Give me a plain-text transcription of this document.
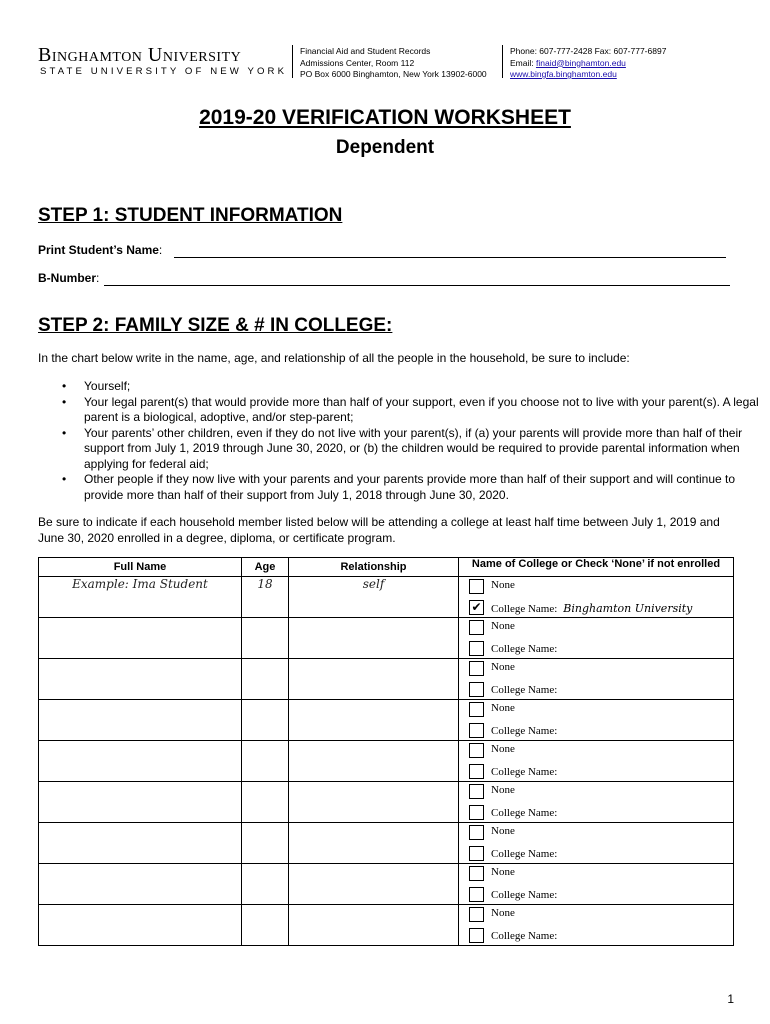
Binghamton University
STATE UNIVERSITY OF NEW YORK
Financial Aid and Student Records
Admissions Center, Room 112
PO Box 6000 Binghamton, New York 13902-6000
Phone: 607-777-2428 Fax: 607-777-6897
Email: finaid@binghamton.edu
www.bingfa.binghamton.edu
2019-20 VERIFICATION WORKSHEET
Dependent
STEP 1: STUDENT INFORMATION
Print Student’s Name:
B-Number:
STEP 2: FAMILY SIZE & # IN COLLEGE:
In the chart below write in the name, age, and relationship of all the people in the household, be sure to include:
• Yourself;
• Your legal parent(s) that would provide more than half of your support, even if you choose not to live with your parent(s). A legal parent is a biological, adoptive, and/or step-parent;
• Your parents’ other children, even if they do not live with your parent(s), if (a) your parents will provide more than half of their support from July 1, 2019 through June 30, 2020, or (b) the children would be required to provide parental information when applying for federal aid;
• Other people if they now live with your parents and your parents provide more than half of their support and will continue to provide more than half of their support from July 1, 2018 through June 30, 2020.
Be sure to indicate if each household member listed below will be attending a college at least half time between July 1, 2019 and June 30, 2020 enrolled in a degree, diploma, or certificate program.
Full Name	Age	Relationship	Name of College or Check ‘None’ if not enrolled
Example: Ima Student	18	self	None
✔ College Name: Binghamton University

			None
College Name:

			None
College Name:

			None
College Name:

			None
College Name:

			None
College Name:

			None
College Name:

			None
College Name:

			None
College Name:
1
